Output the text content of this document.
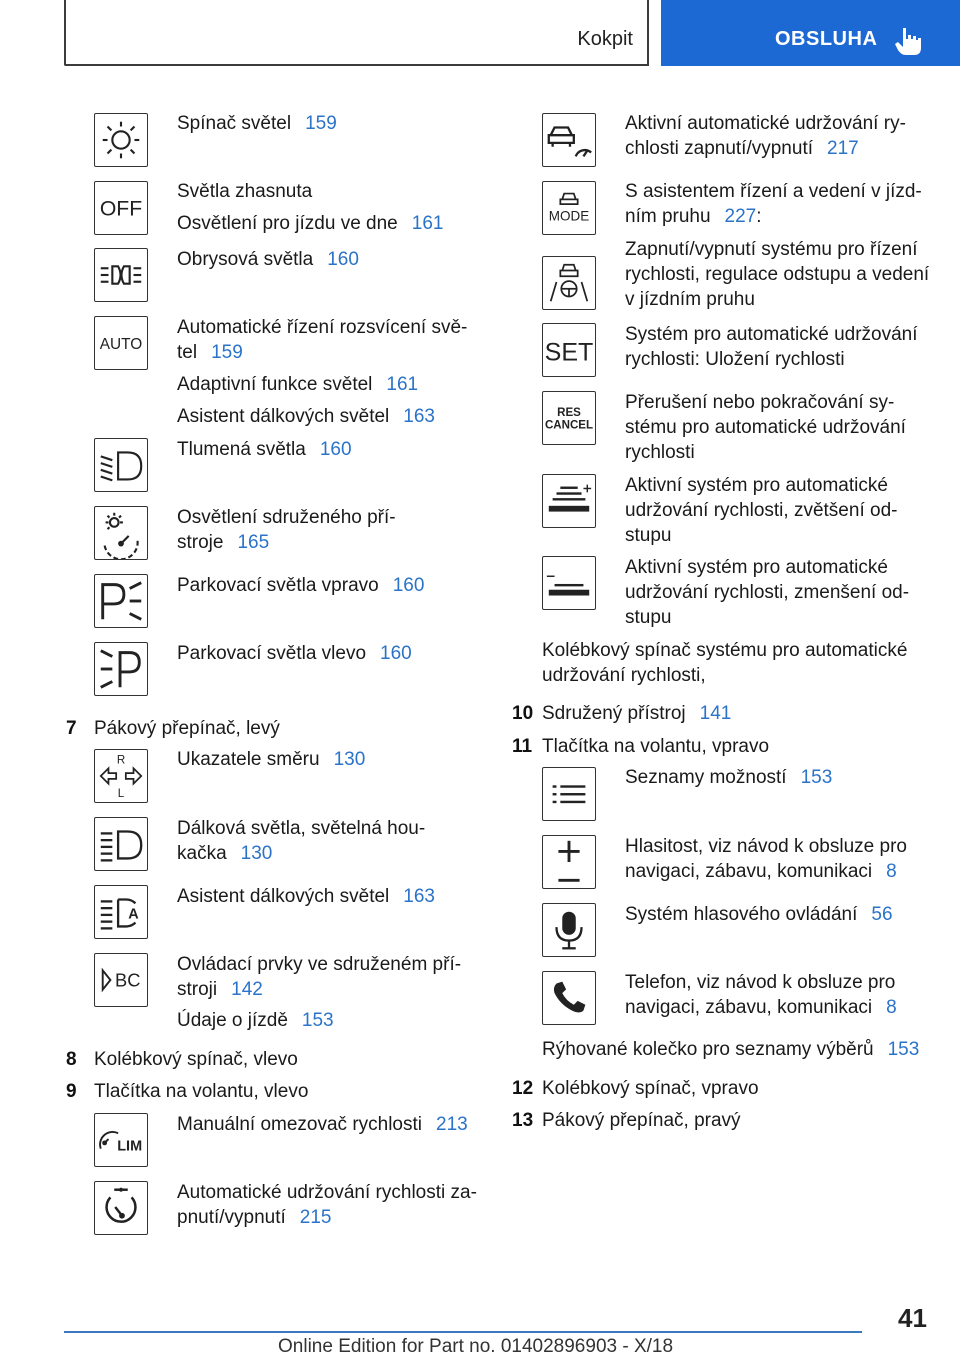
Kokpit	OBSLUHA
Spínač světel 159
OFF
Světla zhasnuta
Osvětlení pro jízdu ve dne 161
Obrysová světla 160
AUTO
Automatické řízení rozsvícení svě-
tel 159
Adaptivní funkce světel 161
Asistent dálkových světel 163
Tlumená světla 160
Osvětlení sdruženého pří-
stroje 165
Parkovací světla vpravo 160
Parkovací světla vlevo 160
7 Pákový přepínač, levý
R
L
Ukazatele směru 130
Dálková světla, světelná hou-
kačka 130
A
Asistent dálkových světel 163
BC
Ovládací prvky ve sdruženém pří-
stroji 142
Údaje o jízdě 153
8 Kolébkový spínač, vlevo
9 Tlačítka na volantu, vlevo
LIM
Manuální omezovač rychlosti 213
Automatické udržování rychlosti za-
pnutí/vypnutí 215
Aktivní automatické udržování ry-
chlosti zapnutí/vypnutí 217
MODE
S asistentem řízení a vedení v jízd-
ním pruhu 227:
Zapnutí/vypnutí systému pro řízení
rychlosti, regulace odstupu a vedení
v jízdním pruhu
SET
Systém pro automatické udržování
rychlosti: Uložení rychlosti
RES
CANCEL
Přerušení nebo pokračování sy-
stému pro automatické udržování
rychlosti
Aktivní systém pro automatické
udržování rychlosti, zvětšení od-
stupu
Aktivní systém pro automatické
udržování rychlosti, zmenšení od-
stupu
Kolébkový spínač systému pro automatické
udržování rychlosti,
10 Sdružený přístroj 141
11 Tlačítka na volantu, vpravo
Seznamy možností 153
Hlasitost, viz návod k obsluze pro
navigaci, zábavu, komunikaci 8
Systém hlasového ovládání 56
Telefon, viz návod k obsluze pro
navigaci, zábavu, komunikaci 8
Rýhované kolečko pro seznamy výběrů 153
12 Kolébkový spínač, vpravo
13 Pákový přepínač, pravý
41
Online Edition for Part no. 01402896903 - X/18
